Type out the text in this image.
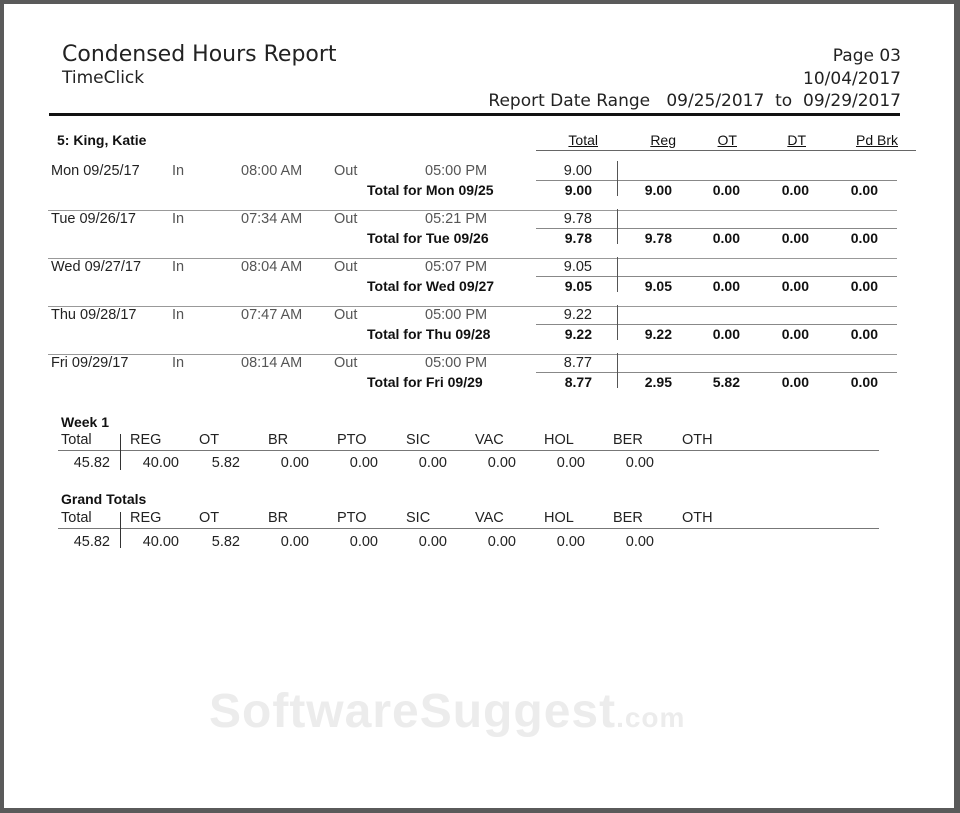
Condensed Hours Report
TimeClick
Page 03
10/04/2017
Report Date Range 09/25/2017 to 09/29/2017
5: King, Katie	Total	Reg	OT	DT	Pd Brk
Mon 09/25/17 In	08:00 AM Out	05:00 PM	9.00
Total for Mon 09/25	9.00	9.00	0.00	0.00	0.00
Tue 09/26/17 In	07:34 AM Out	05:21 PM	9.78
Total for Tue 09/26	9.78	9.78	0.00	0.00	0.00
Wed 09/27/17 In	08:04 AM Out	05:07 PM	9.05
Total for Wed 09/27	9.05	9.05	0.00	0.00	0.00
Thu 09/28/17 In	07:47 AM Out	05:00 PM	9.22
Total for Thu 09/28	9.22	9.22	0.00	0.00	0.00
Fri 09/29/17	In	08:14 AM Out	05:00 PM	8.77
Total for Fri 09/29	8.77	2.95	5.82	0.00	0.00
Week 1
Total	REG	OT	BR	PTO	SIC	VAC	HOL	BER	OTH
45.82	40.00	5.82	0.00	0.00	0.00	0.00	0.00	0.00
Grand Totals
Total	REG	OT	BR	PTO	SIC	VAC	HOL	BER	OTH
45.82	40.00	5.82	0.00	0.00	0.00	0.00	0.00	0.00
SoftwareSuggest.com
